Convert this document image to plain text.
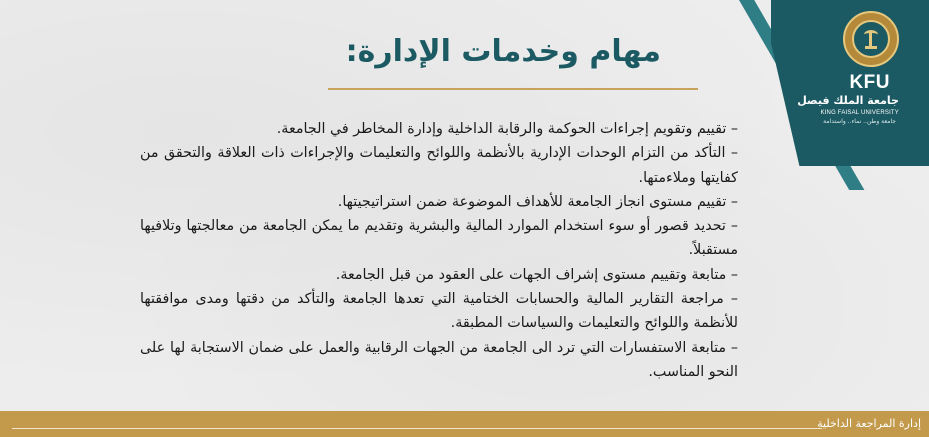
KFU
جامعة الملك فيصل
KING FAISAL UNIVERSITY
جامعة وطن.. نماء.. واستدامة
مهام وخدمات الإدارة:

– تقييم وتقويم إجراءات الحوكمة والرقابة الداخلية وإدارة المخاطر في الجامعة.

– التأكد من التزام الوحدات الإدارية بالأنظمة واللوائح والتعليمات والإجراءات ذات العلاقة والتحقق من كفايتها وملاءمتها.

– تقييم مستوى انجاز الجامعة للأهداف الموضوعة ضمن استراتيجيتها.

– تحديد قصور أو سوء استخدام الموارد المالية والبشرية وتقديم ما يمكن الجامعة من معالجتها وتلافيها مستقبلاً.

– متابعة وتقييم مستوى إشراف الجهات على العقود من قبل الجامعة.

– مراجعة التقارير المالية والحسابات الختامية التي تعدها الجامعة والتأكد من دقتها ومدى موافقتها للأنظمة واللوائح والتعليمات والسياسات المطبقة.

– متابعة الاستفسارات التي ترد الى الجامعة من الجهات الرقابية والعمل على ضمان الاستجابة لها على النحو المناسب.

إدارة المراجعة الداخلية
